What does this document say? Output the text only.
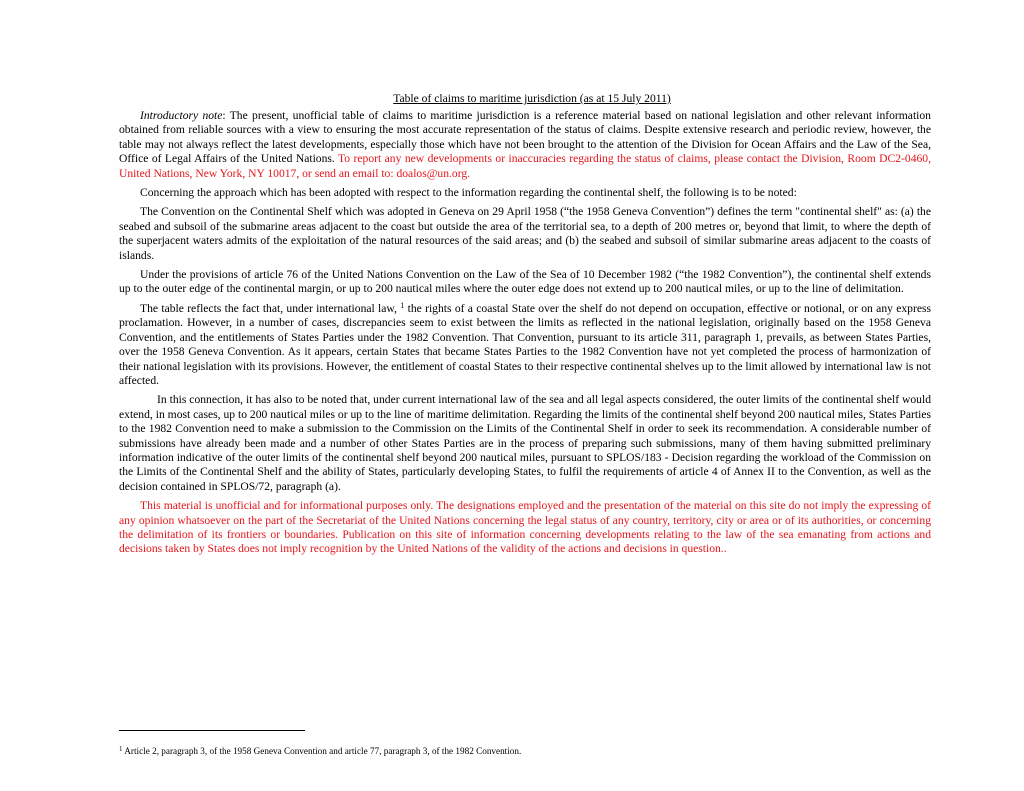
Table of claims to maritime jurisdiction (as at 15 July 2011)

Introductory note: The present, unofficial table of claims to maritime jurisdiction is a reference material based on national legislation and other relevant information obtained from reliable sources with a view to ensuring the most accurate representation of the status of claims. Despite extensive research and periodic review, however, the table may not always reflect the latest developments, especially those which have not been brought to the attention of the Division for Ocean Affairs and the Law of the Sea, Office of Legal Affairs of the United Nations. To report any new developments or inaccuracies regarding the status of claims, please contact the Division, Room DC2-0460, United Nations, New York, NY 10017, or send an email to: doalos@un.org.

Concerning the approach which has been adopted with respect to the information regarding the continental shelf, the following is to be noted:

The Convention on the Continental Shelf which was adopted in Geneva on 29 April 1958 (“the 1958 Geneva Convention”) defines the term "continental shelf" as: (a) the seabed and subsoil of the submarine areas adjacent to the coast but outside the area of the territorial sea, to a depth of 200 metres or, beyond that limit, to where the depth of the superjacent waters admits of the exploitation of the natural resources of the said areas; and (b) the seabed and subsoil of similar submarine areas adjacent to the coasts of islands.

Under the provisions of article 76 of the United Nations Convention on the Law of the Sea of 10 December 1982 (“the 1982 Convention”), the continental shelf extends up to the outer edge of the continental margin, or up to 200 nautical miles where the outer edge does not extend up to 200 nautical miles, or up to the line of delimitation.

The table reflects the fact that, under international law, $^1$ the rights of a coastal State over the shelf do not depend on occupation, effective or notional, or on any express proclamation. However, in a number of cases, discrepancies seem to exist between the limits as reflected in the national legislation, originally based on the 1958 Geneva Convention, and the entitlements of States Parties under the 1982 Convention. That Convention, pursuant to its article 311, paragraph 1, prevails, as between States Parties, over the 1958 Geneva Convention. As it appears, certain States that became States Parties to the 1982 Convention have not yet completed the process of harmonization of their national legislation with its provisions. However, the entitlement of coastal States to their respective continental shelves up to the limit allowed by international law is not affected.

In this connection, it has also to be noted that, under current international law of the sea and all legal aspects considered, the outer limits of the continental shelf would extend, in most cases, up to 200 nautical miles or up to the line of maritime delimitation. Regarding the limits of the continental shelf beyond 200 nautical miles, States Parties to the 1982 Convention need to make a submission to the Commission on the Limits of the Continental Shelf in order to seek its recommendation. A considerable number of submissions have already been made and a number of other States Parties are in the process of preparing such submissions, many of them having submitted preliminary information indicative of the outer limits of the continental shelf beyond 200 nautical miles, pursuant to SPLOS/183 - Decision regarding the workload of the Commission on the Limits of the Continental Shelf and the ability of States, particularly developing States, to fulfil the requirements of article 4 of Annex II to the Convention, as well as the decision contained in SPLOS/72, paragraph (a).

This material is unofficial and for informational purposes only. The designations employed and the presentation of the material on this site do not imply the expressing of any opinion whatsoever on the part of the Secretariat of the United Nations concerning the legal status of any country, territory, city or area or of its authorities, or concerning the delimitation of its frontiers or boundaries. Publication on this site of information concerning developments relating to the law of the sea emanating from actions and decisions taken by States does not imply recognition by the United Nations of the validity of the actions and decisions in question..

$^1$ Article 2, paragraph 3, of the 1958 Geneva Convention and article 77, paragraph 3, of the 1982 Convention.
